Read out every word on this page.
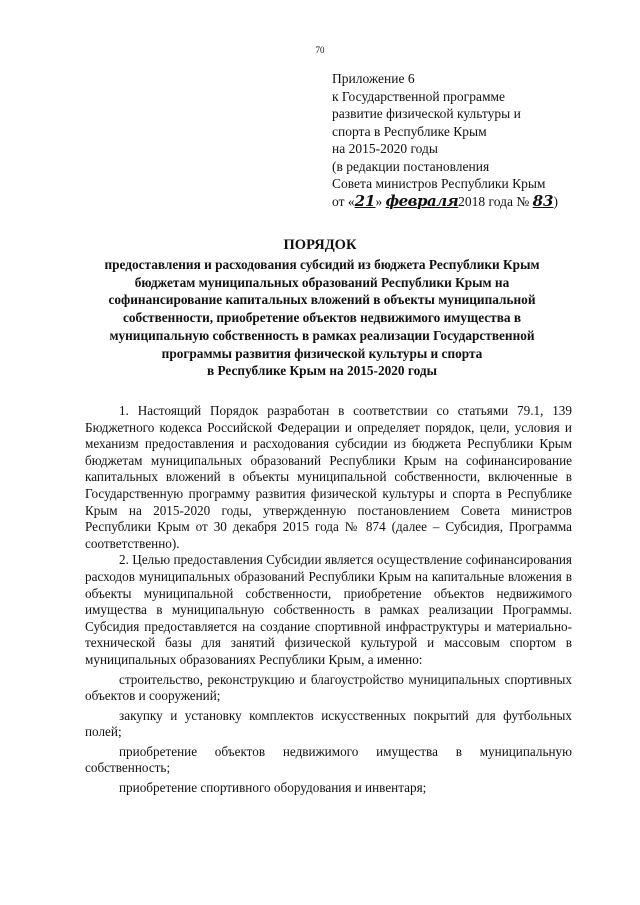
70
Приложение 6
к Государственной программе
развитие физической культуры и
спорта в Республике Крым
на 2015-2020 годы
(в редакции постановления
Совета министров Республики Крым
от «21» февраля2018 года № 83)
ПОРЯДОК
предоставления и расходования субсидий из бюджета Республики Крым
бюджетам муниципальных образований Республики Крым на
софинансирование капитальных вложений в объекты муниципальной
собственности, приобретение объектов недвижимого имущества в
муниципальную собственность в рамках реализации Государственной
программы развития физической культуры и спорта
в Республике Крым на 2015-2020 годы

1. Настоящий Порядок разработан в соответствии со статьями 79.1, 139 Бюджетного кодекса Российской Федерации и определяет порядок, цели, условия и механизм предоставления и расходования субсидии из бюджета Республики Крым бюджетам муниципальных образований Республики Крым на софинансирование капитальных вложений в объекты муниципальной собственности, включенные в Государственную программу развития физической культуры и спорта в Республике Крым на 2015-2020 годы, утвержденную постановлением Совета министров Республики Крым от 30 декабря 2015 года № 874 (далее – Субсидия, Программа соответственно).

2. Целью предоставления Субсидии является осуществление софинансирования расходов муниципальных образований Республики Крым на капитальные вложения в объекты муниципальной собственности, приобретение объектов недвижимого имущества в муниципальную собственность в рамках реализации Программы. Субсидия предоставляется на создание спортивной инфраструктуры и материально-технической базы для занятий физической культурой и массовым спортом в муниципальных образованиях Республики Крым, а именно:

строительство, реконструкцию и благоустройство муниципальных спортивных объектов и сооружений;

закупку и установку комплектов искусственных покрытий для футбольных полей;

приобретение объектов недвижимого имущества в муниципальную собственность;

приобретение спортивного оборудования и инвентаря;
